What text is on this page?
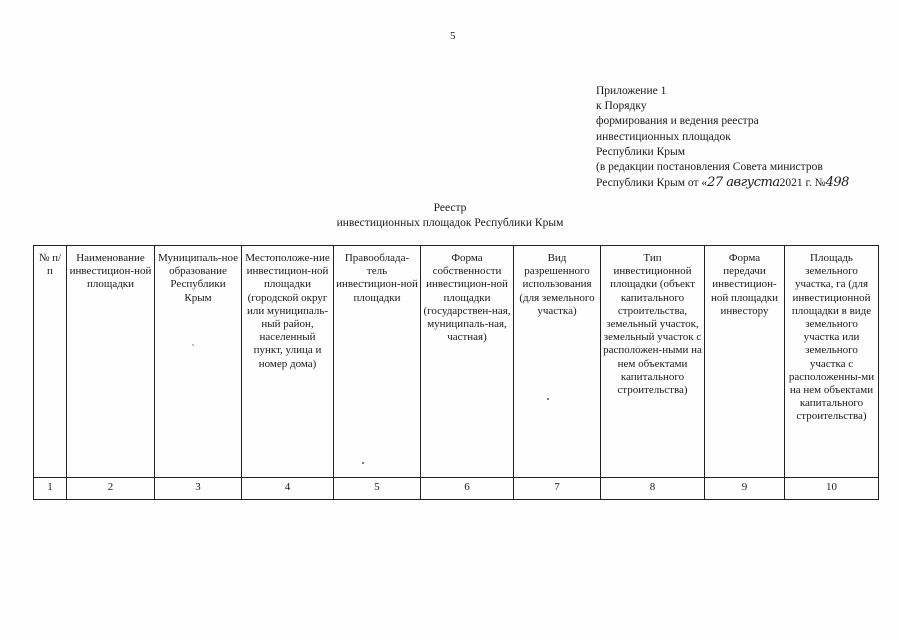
5
Приложение 1
к Порядку
формирования и ведения реестра
инвестиционных площадок
Республики Крым
(в редакции постановления Совета министров
Республики Крым от «27 августа2021 г. №498
Реестр
инвестиционных площадок Республики Крым
№ п/п	Наименование инвестицион-ной площадки	Муниципаль-ное образование Республики Крым	Местоположе-ние инвестицион-ной площадки (городской округ или муниципаль-ный район, населенный пункт, улица и номер дома)	Правооблада-тель инвестицион-ной площадки	Форма собственности инвестицион-ной площадки (государствен-ная, муниципаль-ная, частная)	Вид разрешенного использования (для земельного участка)	Тип инвестиционной площадки (объект капитального строительства, земельный участок, земельный участок с расположен-ными на нем объектами капитального строительства)	Форма передачи инвестицион-ной площадки инвестору	Площадь земельного участка, га (для инвестиционной площадки в виде земельного участка или земельного участка с расположенны-ми на нем объектами капитального строительства)
1	2	3	4	5	6	7	8	9	10
